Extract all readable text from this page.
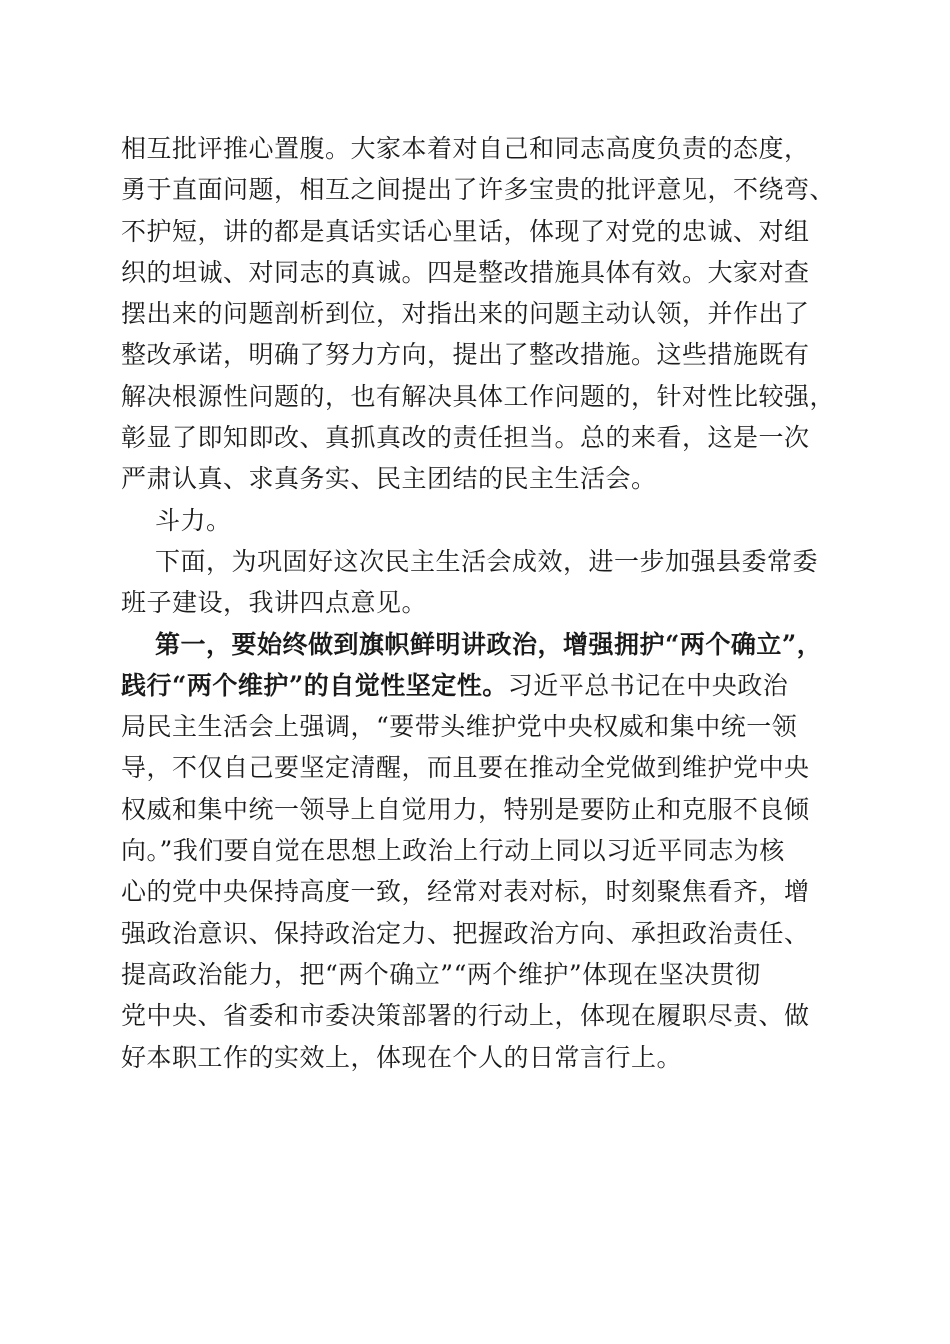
相互批评推心置腹。大家本着对自己和同志高度负责的态度，
勇于直面问题，相互之间提出了许多宝贵的批评意见，不绕弯、
不护短，讲的都是真话实话心里话，体现了对党的忠诚、对组
织的坦诚、对同志的真诚。四是整改措施具体有效。大家对查
摆出来的问题剖析到位，对指出来的问题主动认领，并作出了
整改承诺，明确了努力方向，提出了整改措施。这些措施既有
解决根源性问题的，也有解决具体工作问题的，针对性比较强，
彰显了即知即改、真抓真改的责任担当。总的来看，这是一次
严肃认真、求真务实、民主团结的民主生活会。
斗力。
下面，为巩固好这次民主生活会成效，进一步加强县委常委
班子建设，我讲四点意见。
第一，要始终做到旗帜鲜明讲政治，增强拥护“两个确立”，
践行“两个维护”的自觉性坚定性。习近平总书记在中央政治
局民主生活会上强调，“要带头维护党中央权威和集中统一领
导，不仅自己要坚定清醒，而且要在推动全党做到维护党中央
权威和集中统一领导上自觉用力，特别是要防止和克服不良倾
向。”我们要自觉在思想上政治上行动上同以习近平同志为核
心的党中央保持高度一致，经常对表对标，时刻聚焦看齐，增
强政治意识、保持政治定力、把握政治方向、承担政治责任、
提高政治能力，把“两个确立”“两个维护”体现在坚决贯彻
党中央、省委和市委决策部署的行动上，体现在履职尽责、做
好本职工作的实效上，体现在个人的日常言行上。
